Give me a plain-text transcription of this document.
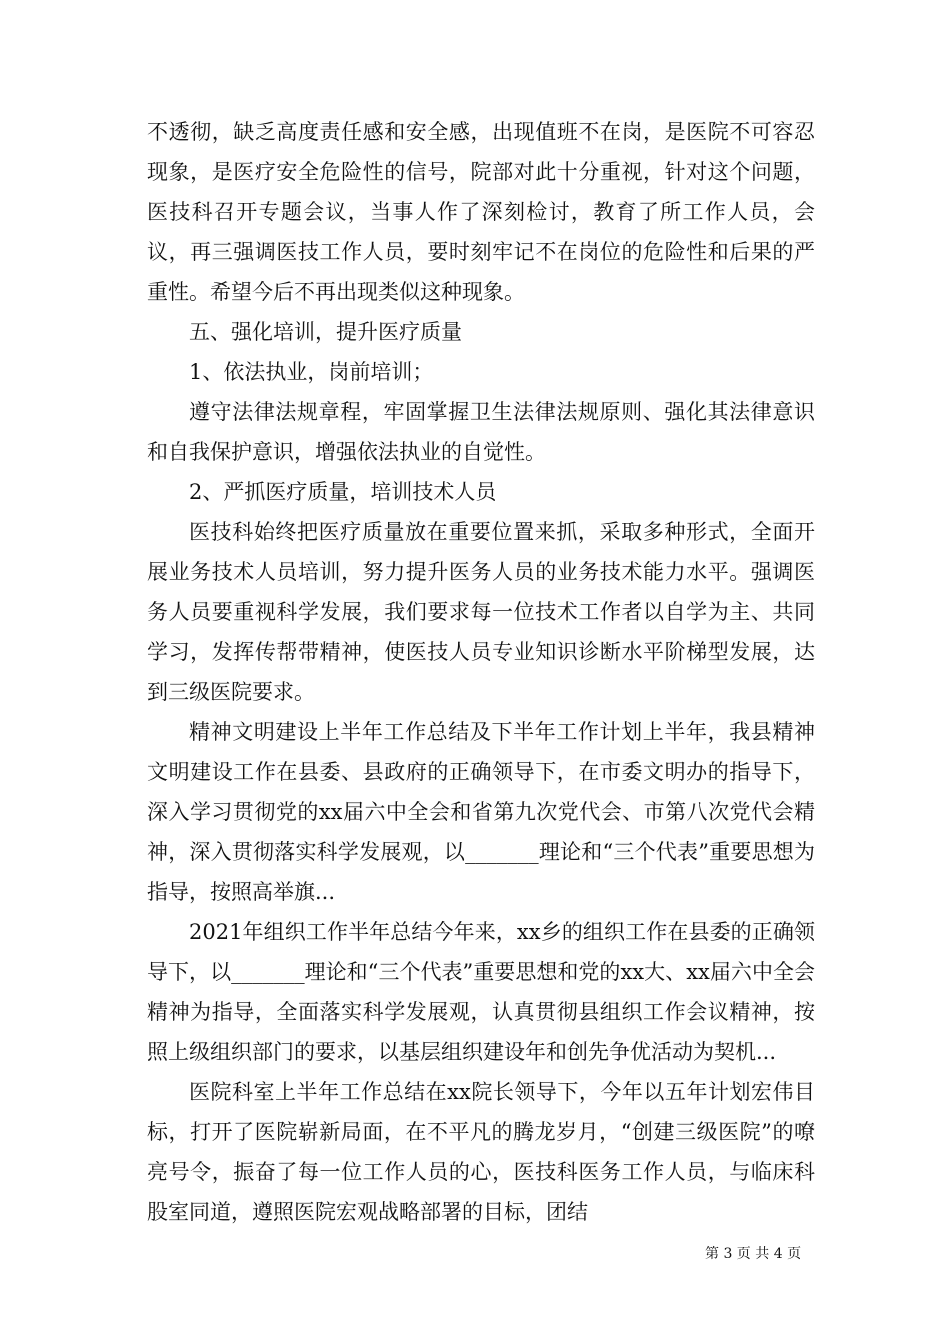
不透彻，缺乏高度责任感和安全感，出现值班不在岗，是医院不可容忍现象，是医疗安全危险性的信号，院部对此十分重视，针对这个问题，医技科召开专题会议，当事人作了深刻检讨，教育了所工作人员，会议，再三强调医技工作人员，要时刻牢记不在岗位的危险性和后果的严重性。希望今后不再出现类似这种现象。

五、强化培训，提升医疗质量

1、依法执业，岗前培训；

遵守法律法规章程，牢固掌握卫生法律法规原则、强化其法律意识和自我保护意识，增强依法执业的自觉性。

2、严抓医疗质量，培训技术人员

医技科始终把医疗质量放在重要位置来抓，采取多种形式，全面开展业务技术人员培训，努力提升医务人员的业务技术能力水平。强调医务人员要重视科学发展，我们要求每一位技术工作者以自学为主、共同学习，发挥传帮带精神，使医技人员专业知识诊断水平阶梯型发展，达到三级医院要求。

精神文明建设上半年工作总结及下半年工作计划上半年，我县精神文明建设工作在县委、县政府的正确领导下，在市委文明办的指导下，深入学习贯彻党的xx届六中全会和省第九次党代会、市第八次党代会精神，深入贯彻落实科学发展观，以_______理论和“三个代表”重要思想为指导，按照高举旗...

2021年组织工作半年总结今年来，xx乡的组织工作在县委的正确领导下，以_______理论和“三个代表”重要思想和党的xx大、xx届六中全会精神为指导，全面落实科学发展观，认真贯彻县组织工作会议精神，按照上级组织部门的要求，以基层组织建设年和创先争优活动为契机...

医院科室上半年工作总结在xx院长领导下，今年以五年计划宏伟目标，打开了医院崭新局面，在不平凡的腾龙岁月，“创建三级医院”的嘹亮号令，振奋了每一位工作人员的心，医技科医务工作人员，与临床科股室同道，遵照医院宏观战略部署的目标，团结

第 3 页 共 4 页
